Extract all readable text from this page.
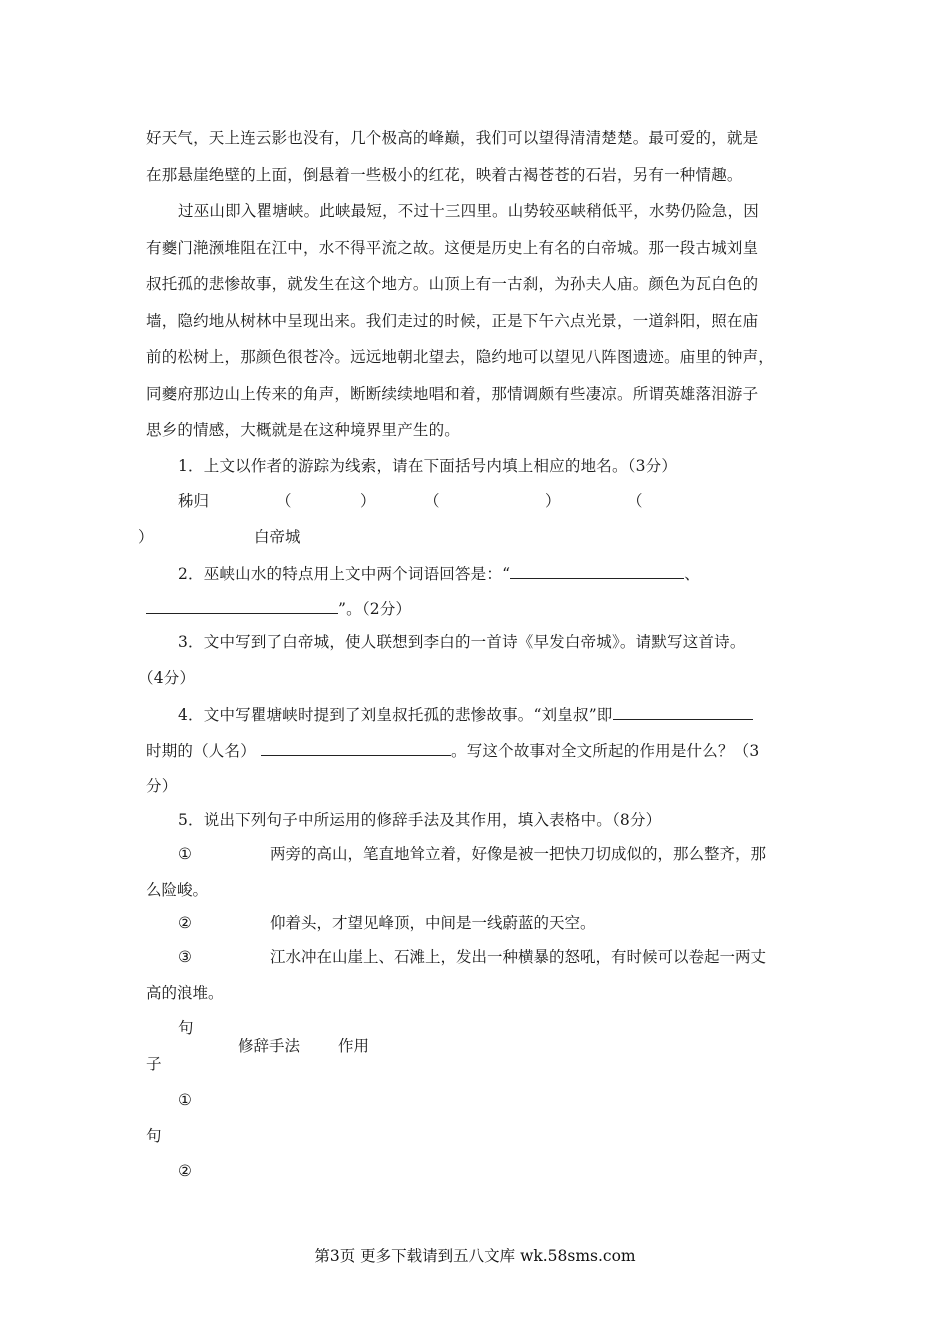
好天气，天上连云影也没有，几个极高的峰巅，我们可以望得清清楚楚。最可爱的，就是
在那悬崖绝壁的上面，倒悬着一些极小的红花，映着古褐苍苍的石岩，另有一种情趣。
过巫山即入瞿塘峡。此峡最短，不过十三四里。山势较巫峡稍低平，水势仍险急，因
有夔门滟滪堆阻在江中，水不得平流之故。这便是历史上有名的白帝城。那一段古城刘皇
叔托孤的悲惨故事，就发生在这个地方。山顶上有一古刹，为孙夫人庙。颜色为瓦白色的
墙，隐约地从树林中呈现出来。我们走过的时候，正是下午六点光景，一道斜阳，照在庙
前的松树上，那颜色很苍冷。远远地朝北望去，隐约地可以望见八阵图遗迹。庙里的钟声，
同夔府那边山上传来的角声，断断续续地唱和着，那情调颇有些凄凉。所谓英雄落泪游子
思乡的情感，大概就是在这种境界里产生的。
1．上文以作者的游踪为线索，请在下面括号内填上相应的地名。（3分）
秭归	（	）	（	）	（
）	白帝城
2．巫峡山水的特点用上文中两个词语回答是：“	、
”。（2分）
3．文中写到了白帝城，使人联想到李白的一首诗《早发白帝城》。请默写这首诗。
（4分）
4．文中写瞿塘峡时提到了刘皇叔托孤的悲惨故事。“刘皇叔”即
时期的（人名）	。写这个故事对全文所起的作用是什么？（3
分）
5．说出下列句子中所运用的修辞手法及其作用，填入表格中。（8分）
①	两旁的高山，笔直地耸立着，好像是被一把快刀切成似的，那么整齐，那
么险峻。
②	仰着头，才望见峰顶，中间是一线蔚蓝的天空。
③	江水冲在山崖上、石滩上，发出一种横暴的怒吼，有时候可以卷起一两丈
高的浪堆。
句
修辞手法 作用
子
①
句
②
第3页 更多下载请到五八文库 wk.58sms.com
